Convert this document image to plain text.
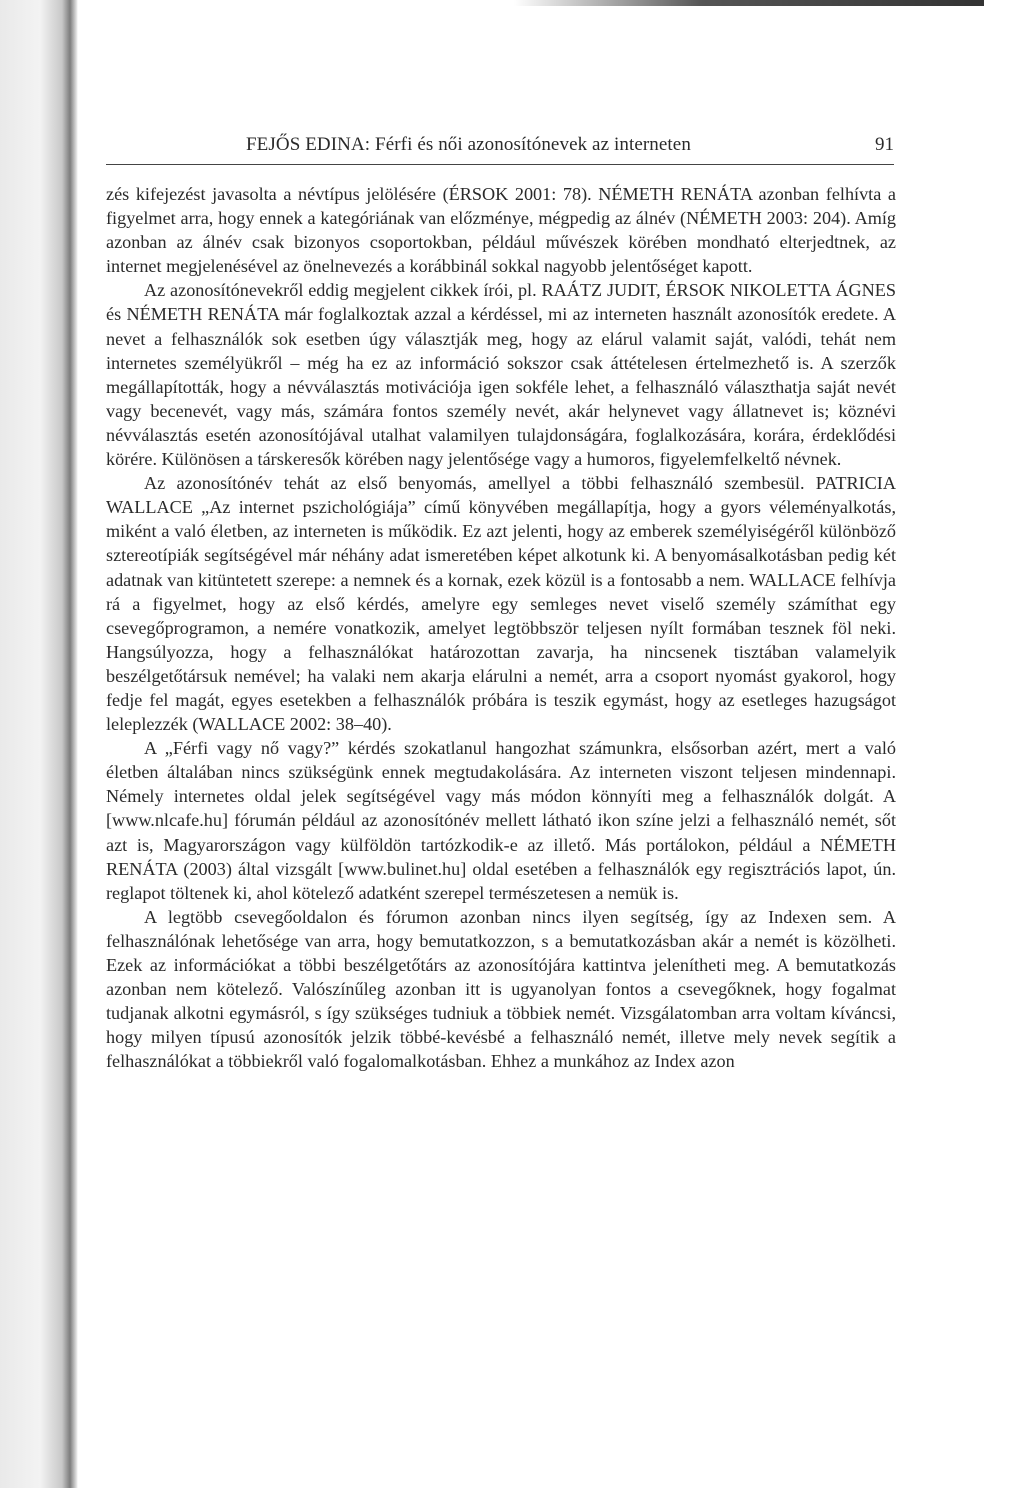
FEJŐS EDINA: Férfi és női azonosítónevek az interneten	91

zés kifejezést javasolta a névtípus jelölésére (ÉRSOK 2001: 78). NÉMETH RENÁTA azonban felhívta a figyelmet arra, hogy ennek a kategóriának van előzménye, mégpedig az álnév (NÉMETH 2003: 204). Amíg azonban az álnév csak bizonyos csoportokban, például művészek körében mondható elterjedtnek, az internet megjelenésével az önelnevezés a korábbinál sokkal nagyobb jelentőséget kapott.

Az azonosítónevekről eddig megjelent cikkek írói, pl. RAÁTZ JUDIT, ÉRSOK NIKOLETTA ÁGNES és NÉMETH RENÁTA már foglalkoztak azzal a kérdéssel, mi az interneten használt azonosítók eredete. A nevet a felhasználók sok esetben úgy választják meg, hogy az elárul valamit saját, valódi, tehát nem internetes személyükről – még ha ez az információ sokszor csak áttételesen értelmezhető is. A szerzők megállapították, hogy a névválasztás motivációja igen sokféle lehet, a felhasználó választhatja saját nevét vagy becenevét, vagy más, számára fontos személy nevét, akár helynevet vagy állatnevet is; köznévi névválasztás esetén azonosítójával utalhat valamilyen tulajdonságára, foglalkozására, korára, érdeklődési körére. Különösen a társkeresők körében nagy jelentősége vagy a humoros, figyelemfelkeltő névnek.

Az azonosítónév tehát az első benyomás, amellyel a többi felhasználó szembesül. PATRICIA WALLACE „Az internet pszichológiája” című könyvében megállapítja, hogy a gyors véleményalkotás, miként a való életben, az interneten is működik. Ez azt jelenti, hogy az emberek személyiségéről különböző sztereotípiák segítségével már néhány adat ismeretében képet alkotunk ki. A benyomásalkotásban pedig két adatnak van kitüntetett szerepe: a nemnek és a kornak, ezek közül is a fontosabb a nem. WALLACE felhívja rá a figyelmet, hogy az első kérdés, amelyre egy semleges nevet viselő személy számíthat egy csevegőprogramon, a nemére vonatkozik, amelyet legtöbbször teljesen nyílt formában tesznek föl neki. Hangsúlyozza, hogy a felhasználókat határozottan zavarja, ha nincsenek tisztában valamelyik beszélgetőtársuk nemével; ha valaki nem akarja elárulni a nemét, arra a csoport nyomást gyakorol, hogy fedje fel magát, egyes esetekben a felhasználók próbára is teszik egymást, hogy az esetleges hazugságot leleplezzék (WALLACE 2002: 38–40).

A „Férfi vagy nő vagy?” kérdés szokatlanul hangozhat számunkra, elsősorban azért, mert a való életben általában nincs szükségünk ennek megtudakolására. Az interneten viszont teljesen mindennapi. Némely internetes oldal jelek segítségével vagy más módon könnyíti meg a felhasználók dolgát. A [www.nlcafe.hu] fórumán például az azonosítónév mellett látható ikon színe jelzi a felhasználó nemét, sőt azt is, Magyarországon vagy külföldön tartózkodik-e az illető. Más portálokon, például a NÉMETH RENÁTA (2003) által vizsgált [www.bulinet.hu] oldal esetében a felhasználók egy regisztrációs lapot, ún. reglapot töltenek ki, ahol kötelező adatként szerepel természetesen a nemük is.

A legtöbb csevegőoldalon és fórumon azonban nincs ilyen segítség, így az Indexen sem. A felhasználónak lehetősége van arra, hogy bemutatkozzon, s a bemutatkozásban akár a nemét is közölheti. Ezek az információkat a többi beszélgetőtárs az azonosítójára kattintva jelenítheti meg. A bemutatkozás azonban nem kötelező. Valószínűleg azonban itt is ugyanolyan fontos a csevegőknek, hogy fogalmat tudjanak alkotni egymásról, s így szükséges tudniuk a többiek nemét. Vizsgálatomban arra voltam kíváncsi, hogy milyen típusú azonosítók jelzik többé-kevésbé a felhasználó nemét, illetve mely nevek segítik a felhasználókat a többiekről való fogalomalkotásban. Ehhez a munkához az Index azon
